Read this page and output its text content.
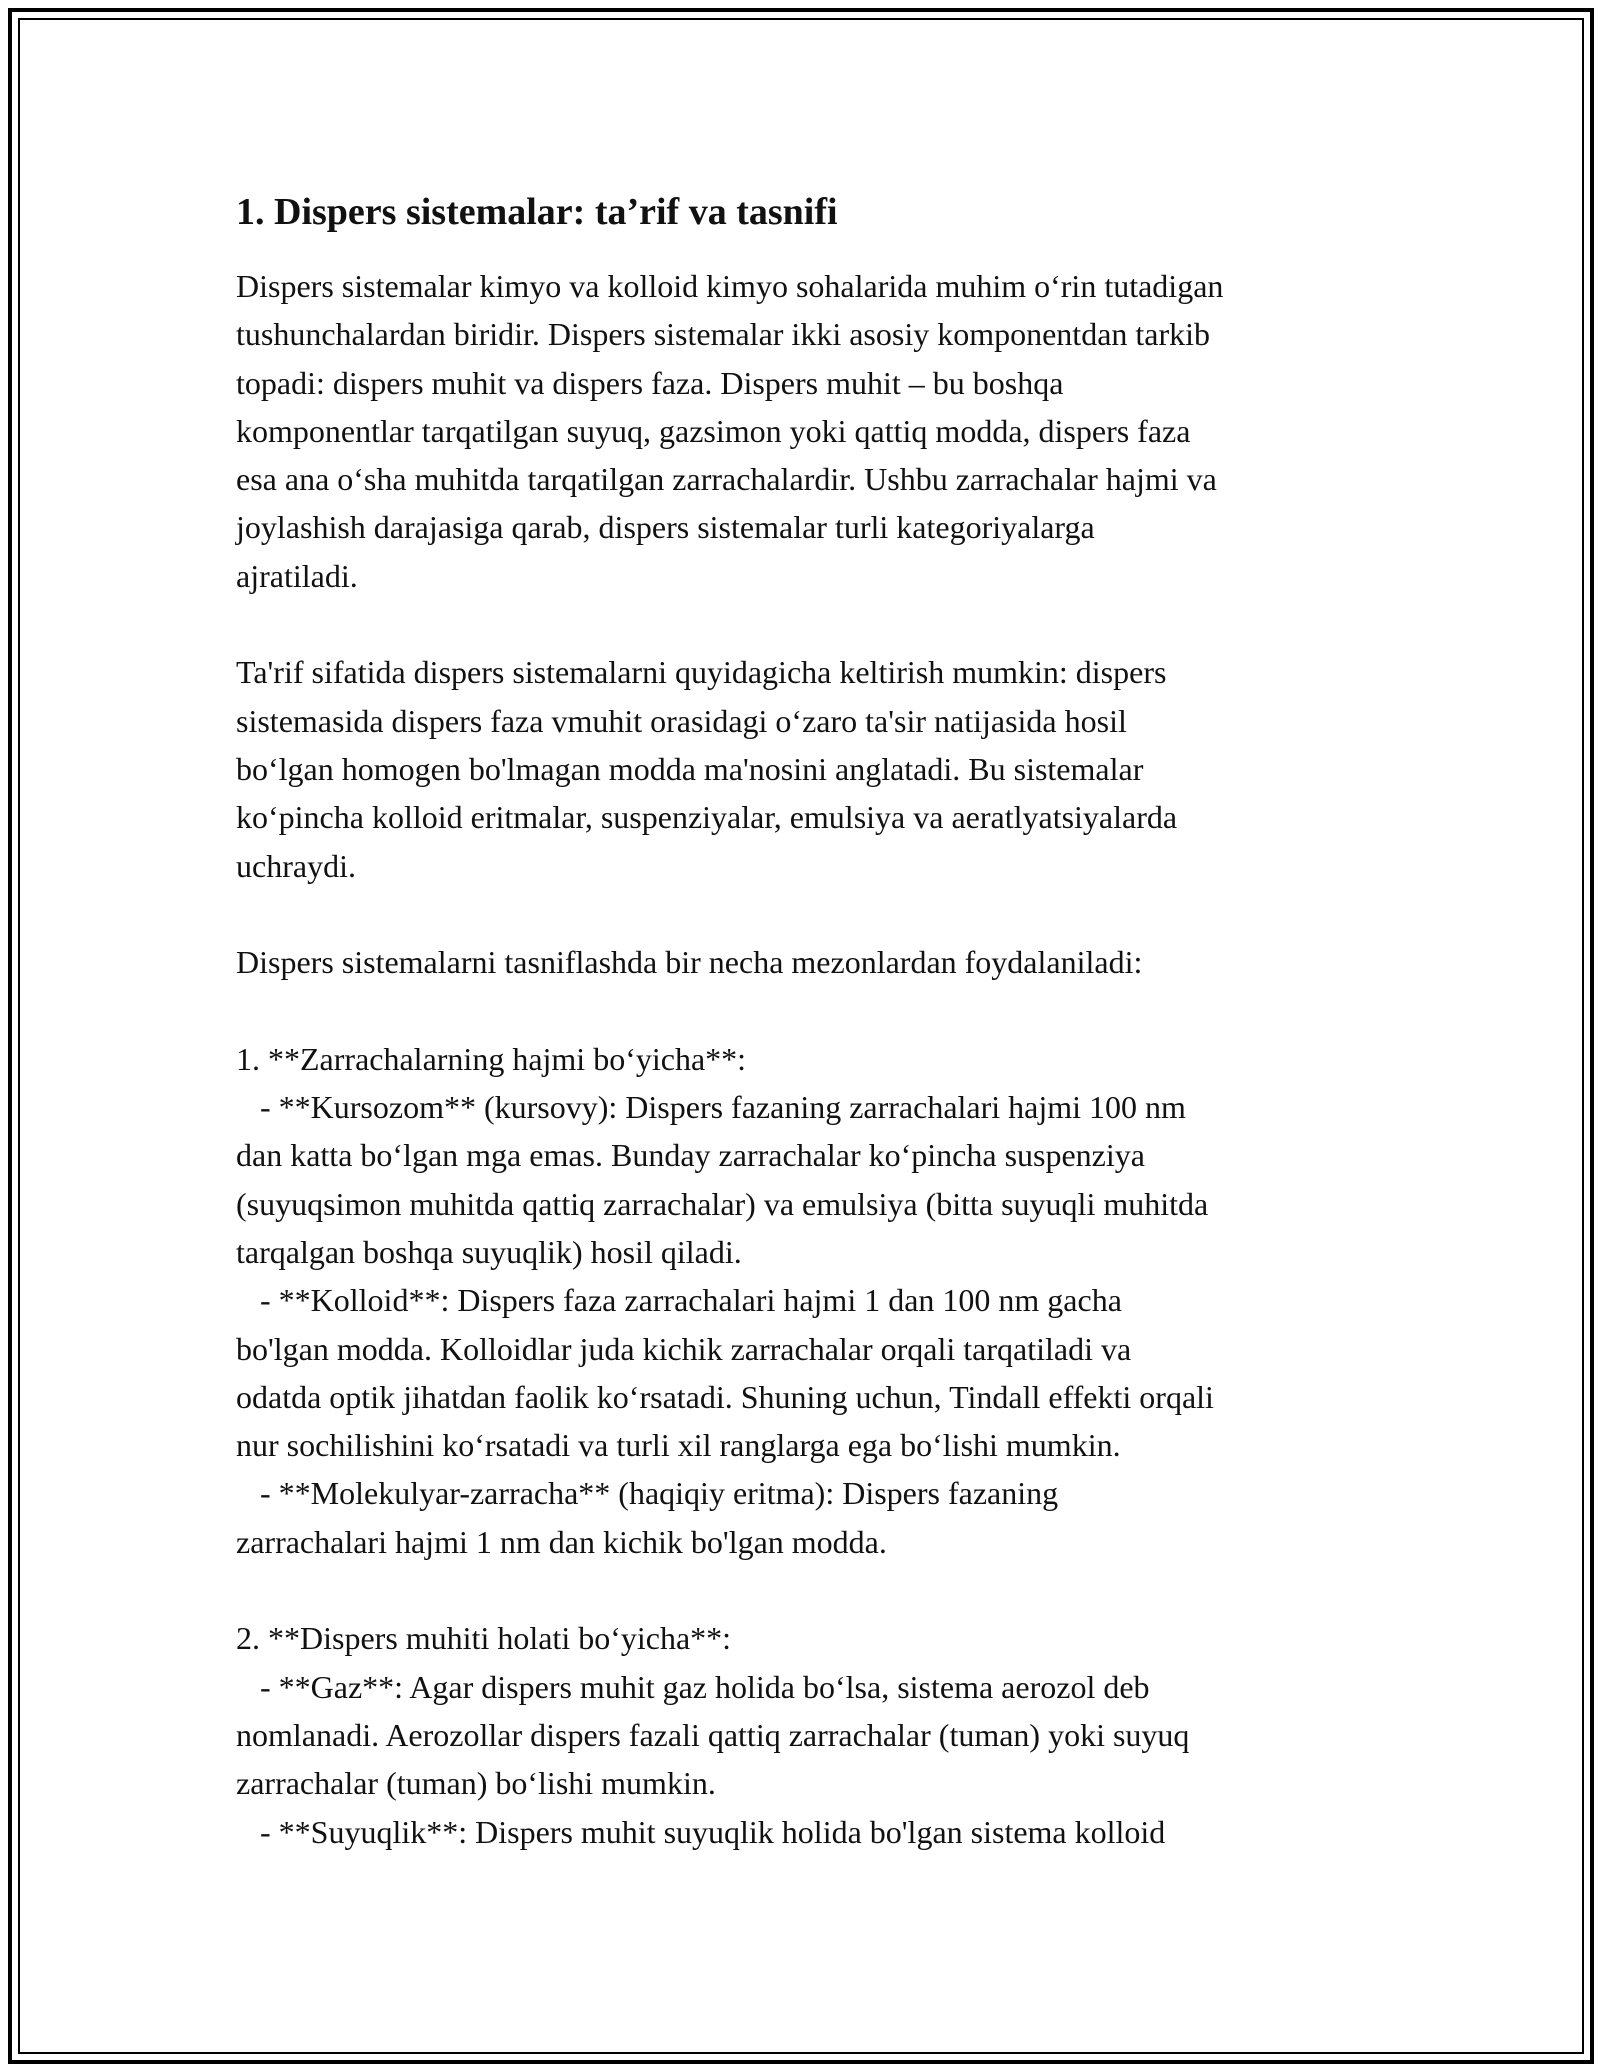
1. Dispers sistemalar: ta’rif va tasnifi
Dispers sistemalar kimyo va kolloid kimyo sohalarida muhim oʻrin tutadigan
tushunchalardan biridir. Dispers sistemalar ikki asosiy komponentdan tarkib
topadi: dispers muhit va dispers faza. Dispers muhit – bu boshqa
komponentlar tarqatilgan suyuq, gazsimon yoki qattiq modda, dispers faza
esa ana oʻsha muhitda tarqatilgan zarrachalardir. Ushbu zarrachalar hajmi va
joylashish darajasiga qarab, dispers sistemalar turli kategoriyalarga
ajratiladi.
Ta'rif sifatida dispers sistemalarni quyidagicha keltirish mumkin: dispers
sistemasida dispers faza vmuhit orasidagi oʻzaro ta'sir natijasida hosil
boʻlgan homogen bo'lmagan modda ma'nosini anglatadi. Bu sistemalar
koʻpincha kolloid eritmalar, suspenziyalar, emulsiya va aeratlyatsiyalarda
uchraydi.
Dispers sistemalarni tasniflashda bir necha mezonlardan foydalaniladi:
1. **Zarrachalarning hajmi boʻyicha**:
- **Kursozom** (kursovy): Dispers fazaning zarrachalari hajmi 100 nm
dan katta boʻlgan mga emas. Bunday zarrachalar koʻpincha suspenziya
(suyuqsimon muhitda qattiq zarrachalar) va emulsiya (bitta suyuqli muhitda
tarqalgan boshqa suyuqlik) hosil qiladi.
- **Kolloid**: Dispers faza zarrachalari hajmi 1 dan 100 nm gacha
bo'lgan modda. Kolloidlar juda kichik zarrachalar orqali tarqatiladi va
odatda optik jihatdan faolik koʻrsatadi. Shuning uchun, Tindall effekti orqali
nur sochilishini koʻrsatadi va turli xil ranglarga ega boʻlishi mumkin.
- **Molekulyar-zarracha** (haqiqiy eritma): Dispers fazaning
zarrachalari hajmi 1 nm dan kichik bo'lgan modda.
2. **Dispers muhiti holati boʻyicha**:
- **Gaz**: Agar dispers muhit gaz holida boʻlsa, sistema aerozol deb
nomlanadi. Aerozollar dispers fazali qattiq zarrachalar (tuman) yoki suyuq
zarrachalar (tuman) boʻlishi mumkin.
- **Suyuqlik**: Dispers muhit suyuqlik holida bo'lgan sistema kolloid
